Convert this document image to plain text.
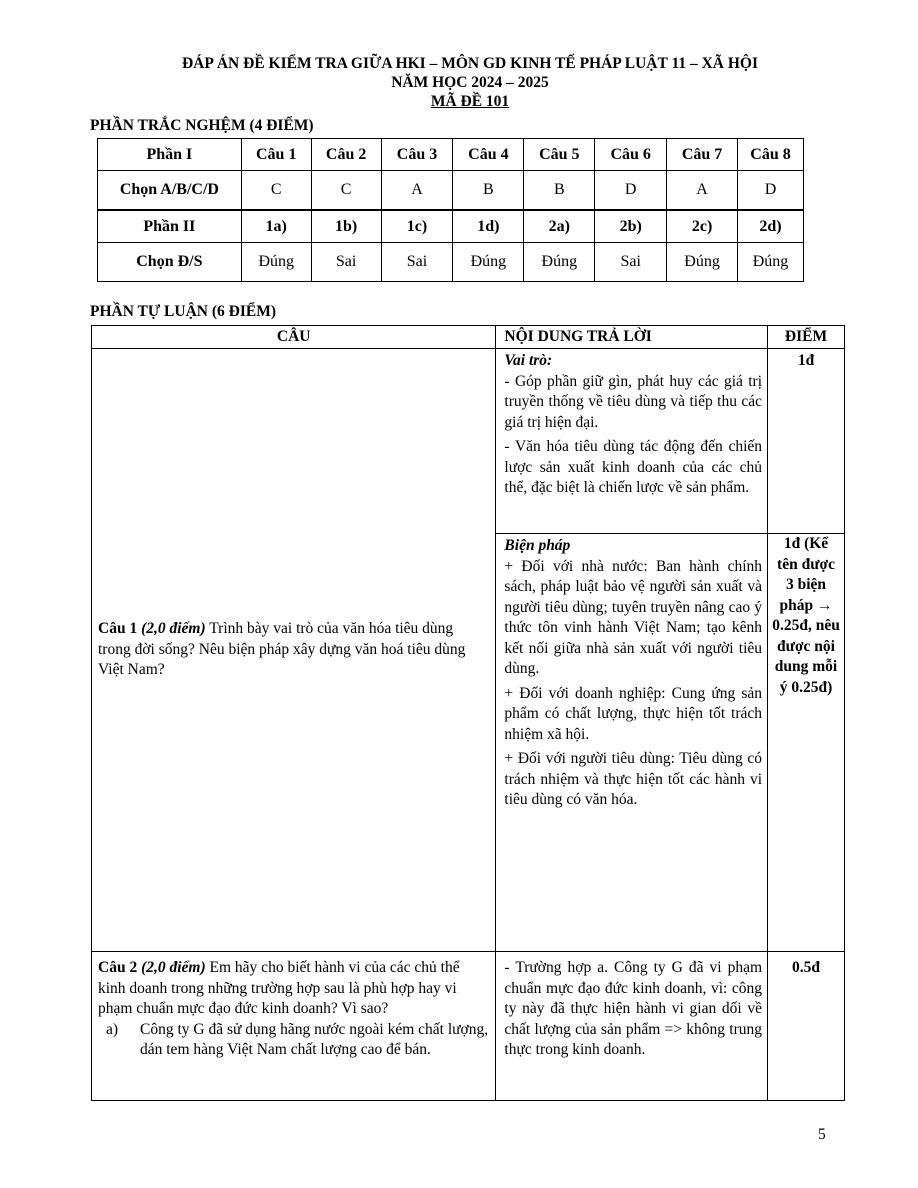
ĐÁP ÁN ĐỀ KIỂM TRA GIỮA HKI – MÔN GD KINH TẾ PHÁP LUẬT 11 – XÃ HỘI
NĂM HỌC 2024 – 2025
MÃ ĐỀ 101
PHẦN TRẮC NGHỆM (4 ĐIỂM)
Phần I	Câu 1	Câu 2	Câu 3	Câu 4	Câu 5	Câu 6	Câu 7	Câu 8
Chọn A/B/C/D	C	C	A	B	B	D	A	D
Phần II	1a)	1b)	1c)	1d)	2a)	2b)	2c)	2d)
Chọn Đ/S	Đúng	Sai	Sai	Đúng	Đúng	Sai	Đúng	Đúng
PHẦN TỰ LUẬN (6 ĐIỂM)
CÂU	NỘI DUNG TRẢ LỜI	ĐIỂM
Câu 1 (2,0 điểm) Trình bày vai trò của văn hóa tiêu dùng trong đời sống? Nêu biện pháp xây dựng văn hoá tiêu dùng Việt Nam?	Vai trò:

- Góp phần giữ gìn, phát huy các giá trị truyền thống về tiêu dùng và tiếp thu các giá trị hiện đại.

- Văn hóa tiêu dùng tác động đến chiến lược sản xuất kinh doanh của các chủ thể, đặc biệt là chiến lược về sản phẩm.	1đ

	Biện pháp

+ Đối với nhà nước: Ban hành chính sách, pháp luật bảo vệ người sản xuất và người tiêu dùng; tuyên truyền nâng cao ý thức tôn vinh hành Việt Nam; tạo kênh kết nối giữa nhà sản xuất với người tiêu dùng.

+ Đối với doanh nghiệp: Cung ứng sản phẩm có chất lượng, thực hiện tốt trách nhiệm xã hội.

+ Đối với người tiêu dùng: Tiêu dùng có trách nhiệm và thực hiện tốt các hành vi tiêu dùng có văn hóa.	1đ (Kể tên được 3 biện pháp → 0.25đ, nêu được nội dung mỗi ý 0.25đ)

Câu 2 (2,0 điểm) Em hãy cho biết hành vi của các chủ thể kinh doanh trong những trường hợp sau là phù hợp hay vi phạm chuẩn mực đạo đức kinh doanh? Vì sao?
a) Công ty G đã sử dụng hãng nước ngoài kém chất lượng, dán tem hàng Việt Nam chất lượng cao để bán.	- Trường hợp a. Công ty G đã vi phạm chuẩn mực đạo đức kinh doanh, vì: công ty này đã thực hiện hành vi gian dối về chất lượng của sản phẩm => không trung thực trong kinh doanh.	0.5đ
5
